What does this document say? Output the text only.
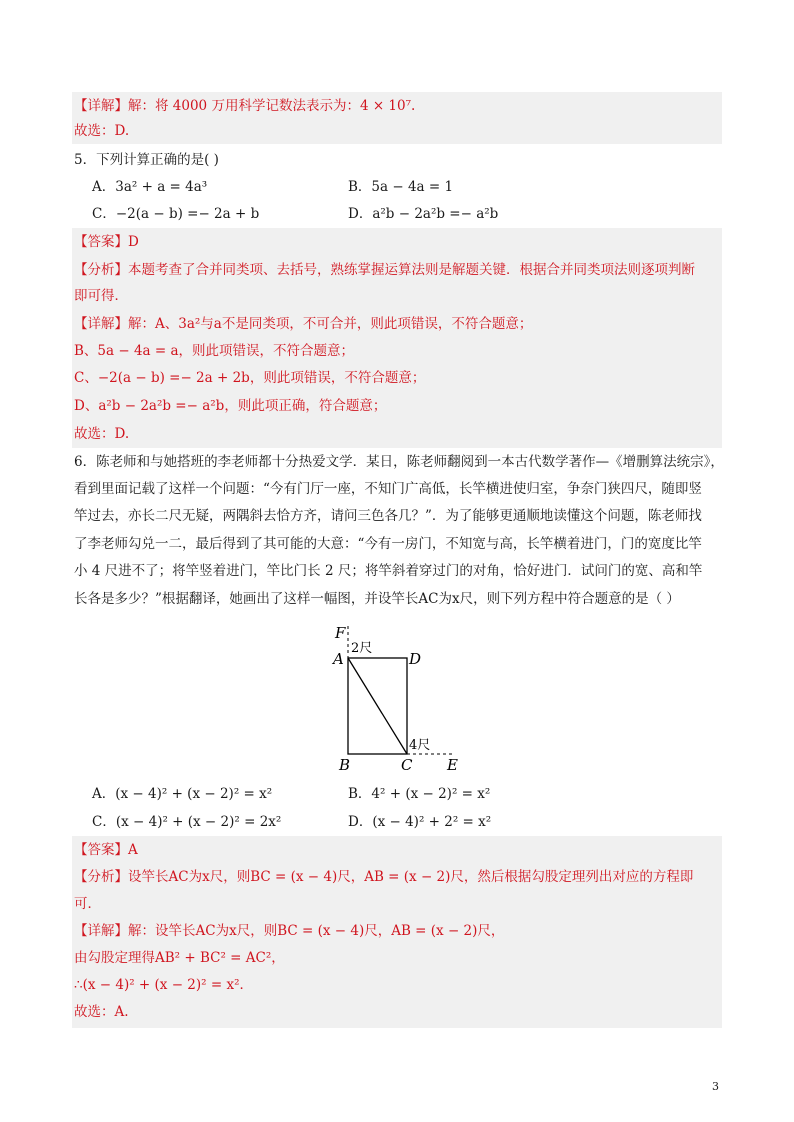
【详解】解：将 4000 万用科学记数法表示为：4 × 10⁷.
故选：D.
5．下列计算正确的是( )
A．3a² + a = 4a³	B．5a − 4a = 1
C．−2(a − b) =− 2a + b	D．a²b − 2a²b =− a²b
【答案】D
【分析】本题考查了合并同类项、去括号，熟练掌握运算法则是解题关键．根据合并同类项法则逐项判断
即可得．
【详解】解：A、3a²与a不是同类项，不可合并，则此项错误，不符合题意；
B、5a − 4a = a，则此项错误，不符合题意；
C、−2(a − b) =− 2a + 2b，则此项错误，不符合题意；
D、a²b − 2a²b =− a²b，则此项正确，符合题意；
故选：D.
6．陈老师和与她搭班的李老师都十分热爱文学．某日，陈老师翻阅到一本古代数学著作—《增删算法统宗》，
看到里面记载了这样一个问题：“今有门厅一座，不知门广高低，长竿横进使归室，争奈门狭四尺，随即竖
竿过去，亦长二尺无疑，两隅斜去恰方齐，请问三色各几？”．为了能够更通顺地读懂这个问题，陈老师找
了李老师勾兑一二，最后得到了其可能的大意：“今有一房门，不知宽与高，长竿横着进门，门的宽度比竿
小 4 尺进不了；将竿竖着进门，竿比门长 2 尺；将竿斜着穿过门的对角，恰好进门．试问门的宽、高和竿
长各是多少？”根据翻译，她画出了这样一幅图，并设竿长AC为x尺，则下列方程中符合题意的是（ ）
F
2尺
A	D
4尺
B	C E
A．(x − 4)² + (x − 2)² = x²	B．4² + (x − 2)² = x²
C．(x − 4)² + (x − 2)² = 2x²	D．(x − 4)² + 2² = x²
【答案】A
【分析】设竿长AC为x尺，则BC = (x − 4)尺，AB = (x − 2)尺，然后根据勾股定理列出对应的方程即
可．
【详解】解：设竿长AC为x尺，则BC = (x − 4)尺，AB = (x − 2)尺，
由勾股定理得AB² + BC² = AC²，
∴(x − 4)² + (x − 2)² = x²．
故选：A.
3
